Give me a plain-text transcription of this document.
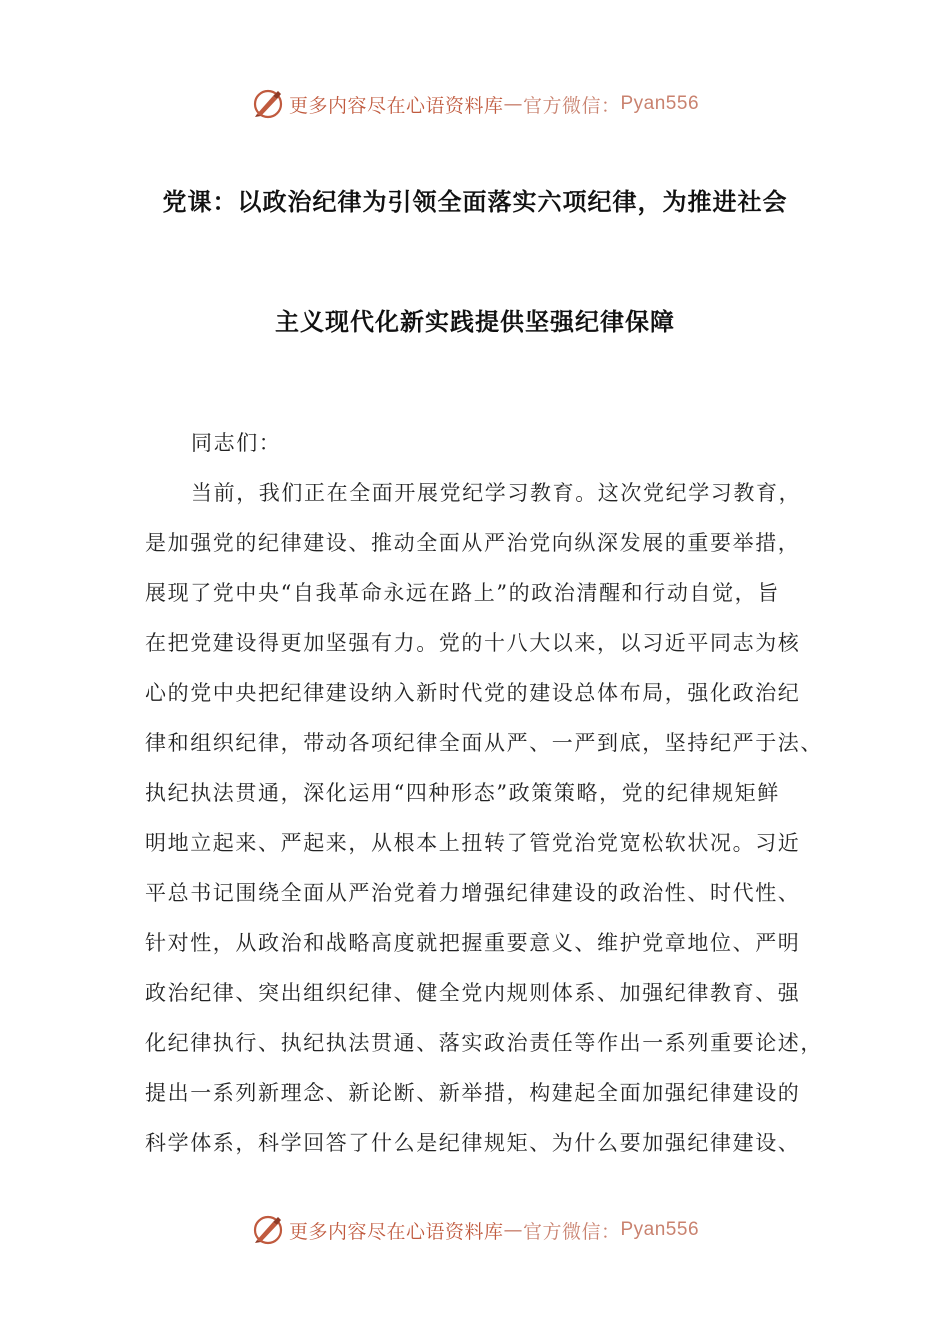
更多内容尽在心语资料库 — 官方微信： Pyan556
党课：以政治纪律为引领全面落实六项纪律，为推进社会
主义现代化新实践提供坚强纪律保障
同志们：
当前，我们正在全面开展党纪学习教育。这次党纪学习教育，
是加强党的纪律建设、推动全面从严治党向纵深发展的重要举措，
展现了党中央“自我革命永远在路上”的政治清醒和行动自觉，旨
在把党建设得更加坚强有力。党的十八大以来，以习近平同志为核
心的党中央把纪律建设纳入新时代党的建设总体布局，强化政治纪
律和组织纪律，带动各项纪律全面从严、一严到底，坚持纪严于法、
执纪执法贯通，深化运用“四种形态”政策策略，党的纪律规矩鲜
明地立起来、严起来，从根本上扭转了管党治党宽松软状况。习近
平总书记围绕全面从严治党着力增强纪律建设的政治性、时代性、
针对性，从政治和战略高度就把握重要意义、维护党章地位、严明
政治纪律、突出组织纪律、健全党内规则体系、加强纪律教育、强
化纪律执行、执纪执法贯通、落实政治责任等作出一系列重要论述，
提出一系列新理念、新论断、新举措，构建起全面加强纪律建设的
科学体系，科学回答了什么是纪律规矩、为什么要加强纪律建设、
更多内容尽在心语资料库 — 官方微信： Pyan556
